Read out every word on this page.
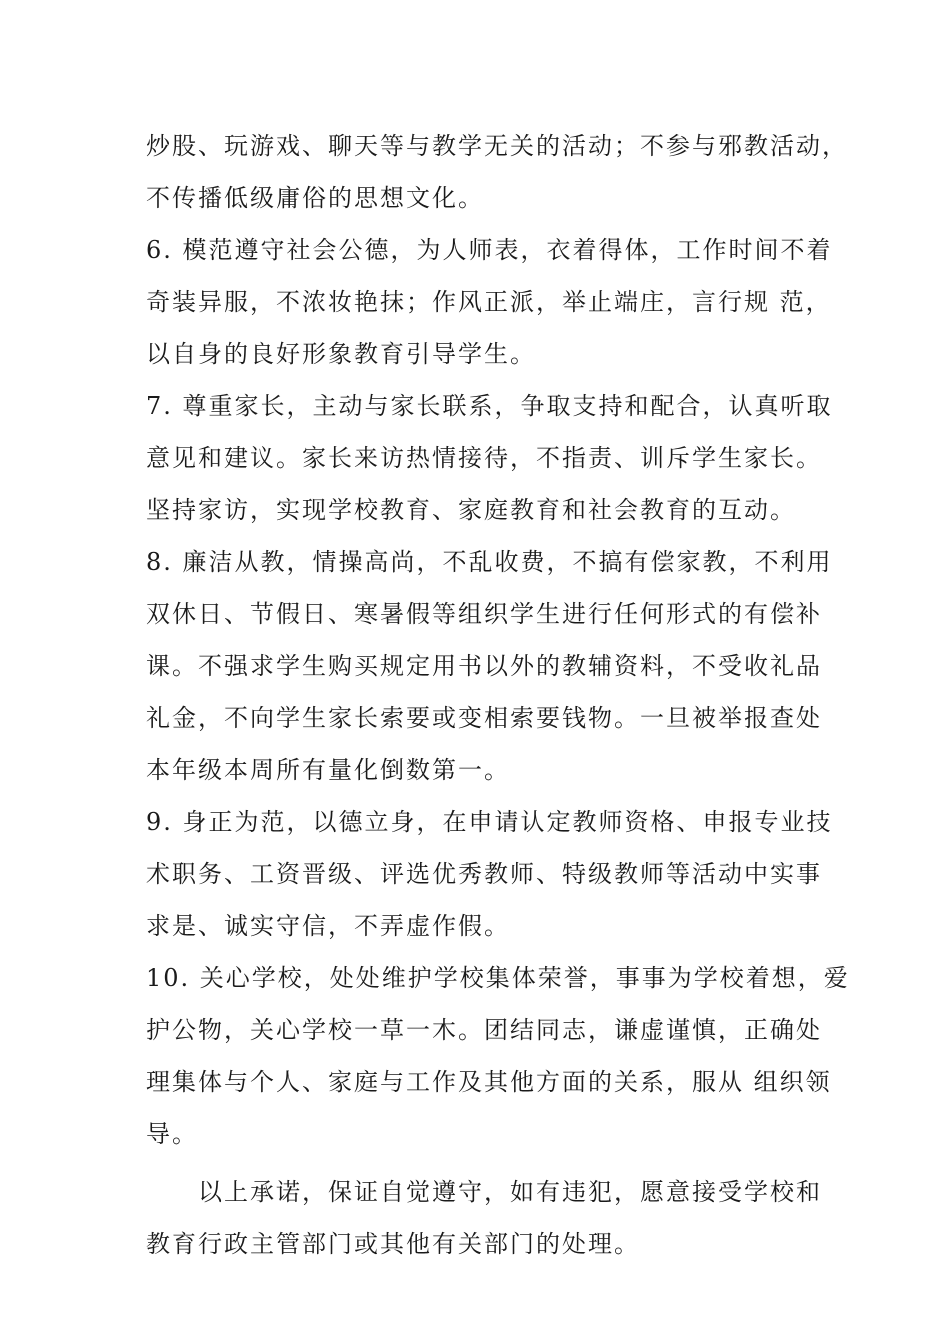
炒股、玩游戏、聊天等与教学无关的活动；不参与邪教活动，
不传播低级庸俗的思想文化。
6. 模范遵守社会公德，为人师表，衣着得体，工作时间不着
奇装异服，不浓妆艳抹；作风正派，举止端庄，言行规 范，
以自身的良好形象教育引导学生。
7. 尊重家长，主动与家长联系，争取支持和配合，认真听取
意见和建议。家长来访热情接待，不指责、训斥学生家长。
坚持家访，实现学校教育、家庭教育和社会教育的互动。
8. 廉洁从教，情操高尚，不乱收费，不搞有偿家教，不利用
双休日、节假日、寒暑假等组织学生进行任何形式的有偿补
课。不强求学生购买规定用书以外的教辅资料，不受收礼品
礼金，不向学生家长索要或变相索要钱物。一旦被举报查处
本年级本周所有量化倒数第一。
9. 身正为范，以德立身，在申请认定教师资格、申报专业技
术职务、工资晋级、评选优秀教师、特级教师等活动中实事
求是、诚实守信，不弄虚作假。
10. 关心学校，处处维护学校集体荣誉，事事为学校着想，爱
护公物，关心学校一草一木。团结同志，谦虚谨慎，正确处
理集体与个人、家庭与工作及其他方面的关系，服从 组织领
导。
以上承诺，保证自觉遵守，如有违犯，愿意接受学校和
教育行政主管部门或其他有关部门的处理。
